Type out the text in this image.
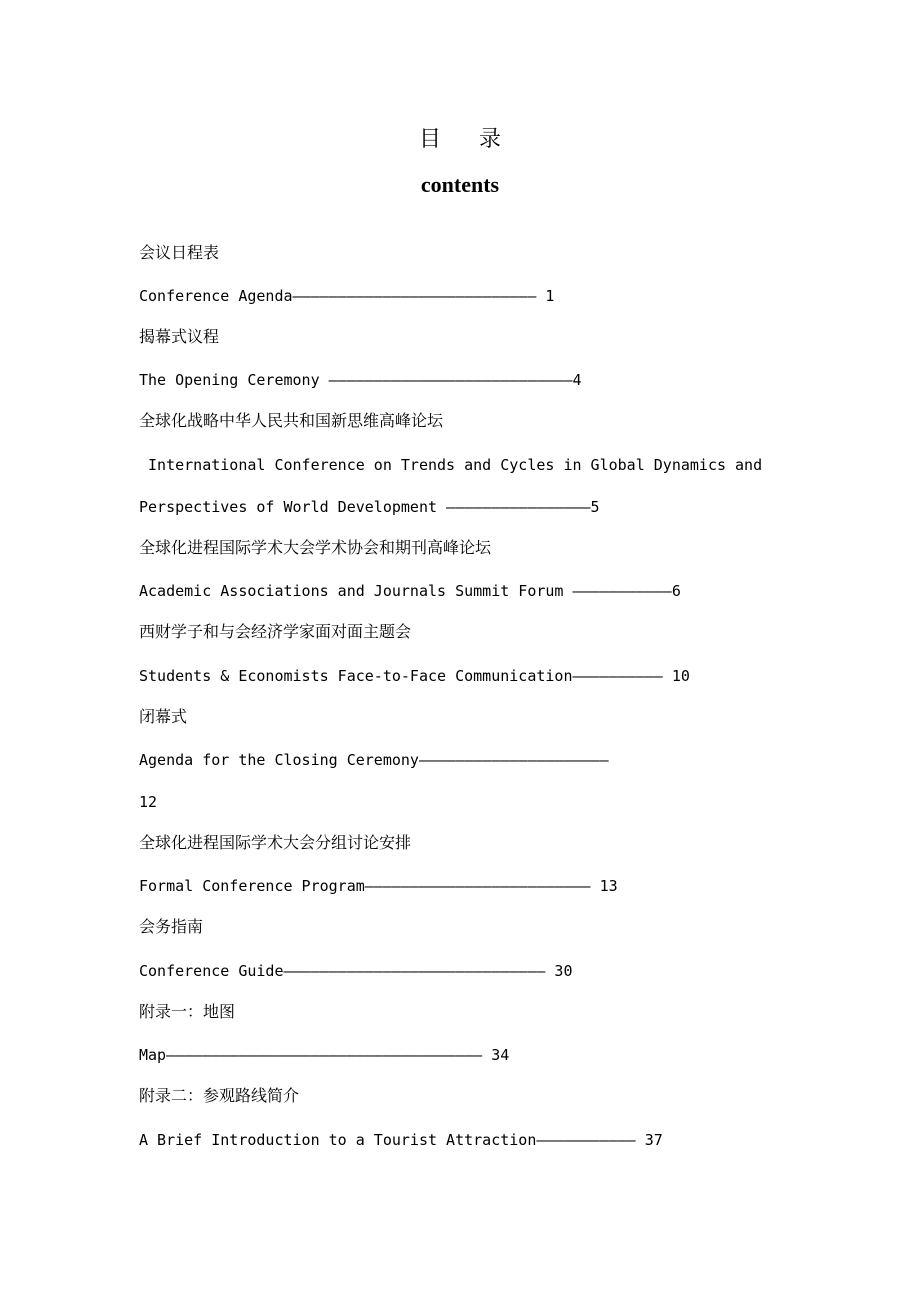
目录
contents
会议日程表
Conference Agenda——————————————————————————— 1
揭幕式议程
The Opening Ceremony ———————————————————————————4
全球化战略中华人民共和国新思维高峰论坛
International Conference on Trends and Cycles in Global Dynamics and
Perspectives of World Development ————————————————5
全球化进程国际学术大会学术协会和期刊高峰论坛
Academic Associations and Journals Summit Forum ———————————6
西财学子和与会经济学家面对面主题会
Students & Economists Face-to-Face Communication—————————— 10
闭幕式
Agenda for the Closing Ceremony—————————————————————
12
全球化进程国际学术大会分组讨论安排
Formal Conference Program————————————————————————— 13
会务指南
Conference Guide————————————————————————————— 30
附录一：地图
Map——————————————————————————————————— 34
附录二：参观路线简介
A Brief Introduction to a Tourist Attraction——————————— 37
